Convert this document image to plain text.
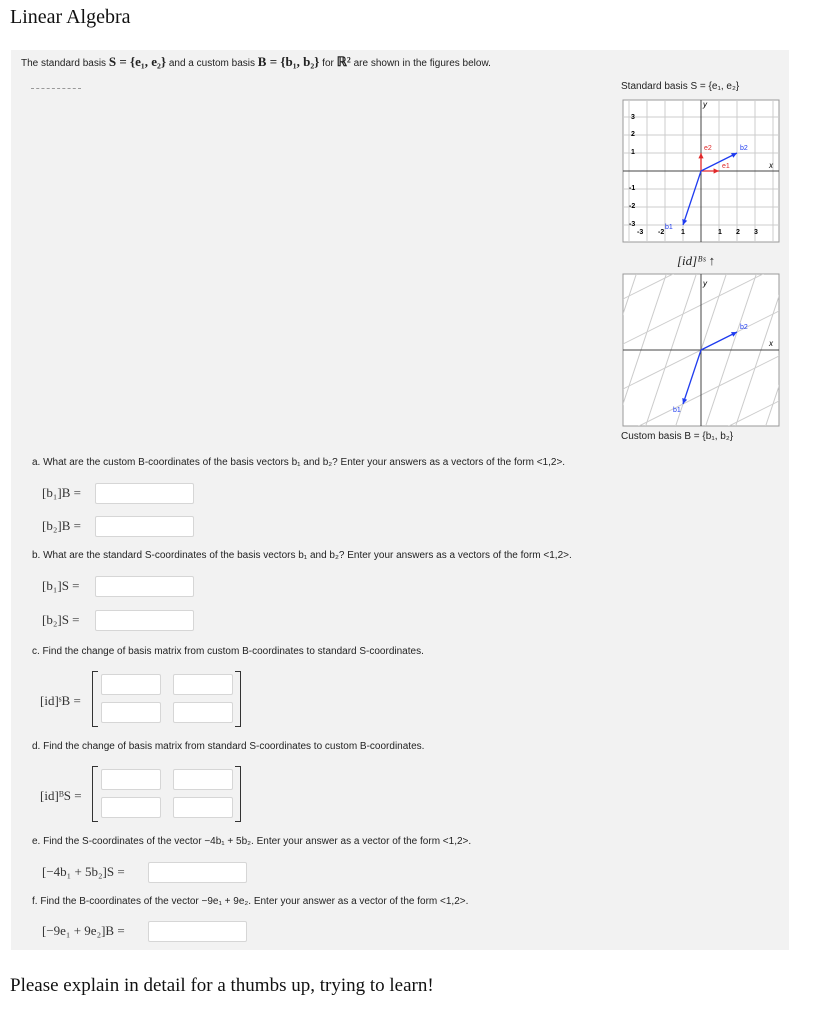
Linear Algebra
The standard basis S = {e₁, e₂} and a custom basis B = {b₁, b₂} for ℝ² are shown in the figures below.
Standard basis S = {e₁, e₂}
e2
e1
b2
b1
y
x
3
2
1
-1
-2
-3
-3 -2 1	1 2 3
[id]ᴮˢ ↑
b2
b1
y
x
Custom basis B = {b₁, b₂}
a. What are the custom B-coordinates of the basis vectors b₁ and b₂? Enter your answers as a vectors of the form <1,2>.
[b₁]B =
[b₂]B =
b. What are the standard S-coordinates of the basis vectors b₁ and b₂? Enter your answers as a vectors of the form <1,2>.
[b₁]S =
[b₂]S =
c. Find the change of basis matrix from custom B-coordinates to standard S-coordinates.
[id]ˢB =
d. Find the change of basis matrix from standard S-coordinates to custom B-coordinates.
[id]ᴮS =
e. Find the S-coordinates of the vector −4b₁ + 5b₂. Enter your answer as a vector of the form <1,2>.
[−4b₁ + 5b₂]S =
f. Find the B-coordinates of the vector −9e₁ + 9e₂. Enter your answer as a vector of the form <1,2>.
[−9e₁ + 9e₂]B =
Please explain in detail for a thumbs up, trying to learn!
